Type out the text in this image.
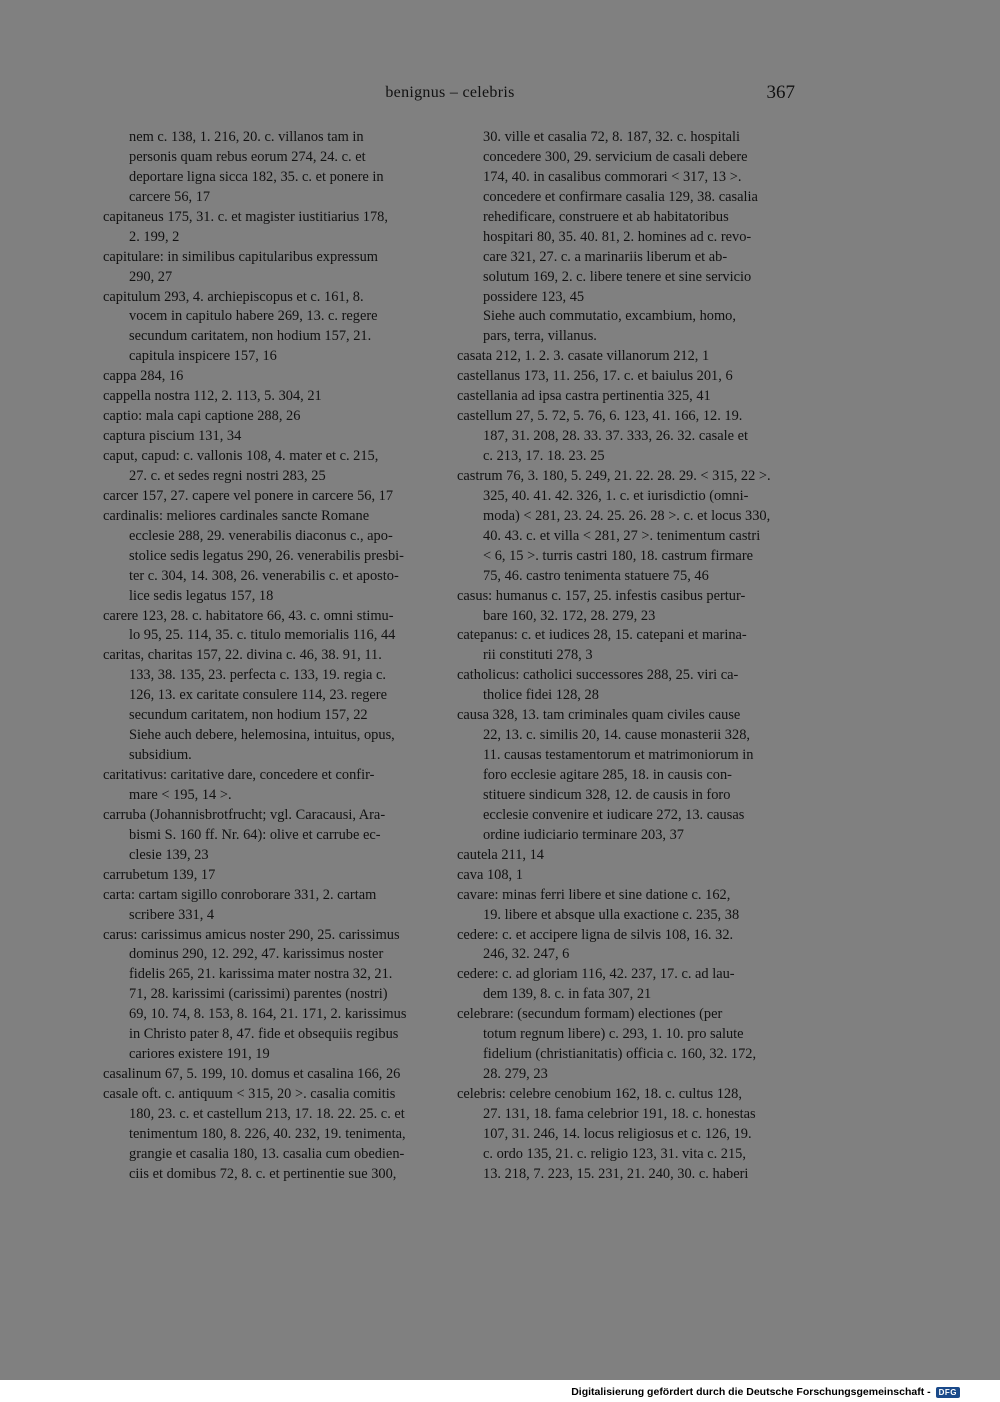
benignus – celebris	367
nem c. 138, 1. 216, 20. c. villanos tam in
personis quam rebus eorum 274, 24. c. et
deportare ligna sicca 182, 35. c. et ponere in
carcere 56, 17
capitaneus 175, 31. c. et magister iustitiarius 178,
2. 199, 2
capitulare: in similibus capitularibus expressum
290, 27
capitulum 293, 4. archiepiscopus et c. 161, 8.
vocem in capitulo habere 269, 13. c. regere
secundum caritatem, non hodium 157, 21.
capitula inspicere 157, 16
cappa 284, 16
cappella nostra 112, 2. 113, 5. 304, 21
captio: mala capi captione 288, 26
captura piscium 131, 34
caput, capud: c. vallonis 108, 4. mater et c. 215,
27. c. et sedes regni nostri 283, 25
carcer 157, 27. capere vel ponere in carcere 56, 17
cardinalis: meliores cardinales sancte Romane
ecclesie 288, 29. venerabilis diaconus c., apo-
stolice sedis legatus 290, 26. venerabilis presbi-
ter c. 304, 14. 308, 26. venerabilis c. et aposto-
lice sedis legatus 157, 18
carere 123, 28. c. habitatore 66, 43. c. omni stimu-
lo 95, 25. 114, 35. c. titulo memorialis 116, 44
caritas, charitas 157, 22. divina c. 46, 38. 91, 11.
133, 38. 135, 23. perfecta c. 133, 19. regia c.
126, 13. ex caritate consulere 114, 23. regere
secundum caritatem, non hodium 157, 22
Siehe auch debere, helemosina, intuitus, opus,
subsidium.
caritativus: caritative dare, concedere et confir-
mare < 195, 14 >.
carruba (Johannisbrotfrucht; vgl. Caracausi, Ara-
bismi S. 160 ff. Nr. 64): olive et carrube ec-
clesie 139, 23
carrubetum 139, 17
carta: cartam sigillo conroborare 331, 2. cartam
scribere 331, 4
carus: carissimus amicus noster 290, 25. carissimus
dominus 290, 12. 292, 47. karissimus noster
fidelis 265, 21. karissima mater nostra 32, 21.
71, 28. karissimi (carissimi) parentes (nostri)
69, 10. 74, 8. 153, 8. 164, 21. 171, 2. karissimus
in Christo pater 8, 47. fide et obsequiis regibus
cariores existere 191, 19
casalinum 67, 5. 199, 10. domus et casalina 166, 26
casale oft. c. antiquum < 315, 20 >. casalia comitis
180, 23. c. et castellum 213, 17. 18. 22. 25. c. et
tenimentum 180, 8. 226, 40. 232, 19. tenimenta,
grangie et casalia 180, 13. casalia cum obedien-
ciis et domibus 72, 8. c. et pertinentie sue 300,
30. ville et casalia 72, 8. 187, 32. c. hospitali
concedere 300, 29. servicium de casali debere
174, 40. in casalibus commorari < 317, 13 >.
concedere et confirmare casalia 129, 38. casalia
rehedificare, construere et ab habitatoribus
hospitari 80, 35. 40. 81, 2. homines ad c. revo-
care 321, 27. c. a marinariis liberum et ab-
solutum 169, 2. c. libere tenere et sine servicio
possidere 123, 45
Siehe auch commutatio, excambium, homo,
pars, terra, villanus.
casata 212, 1. 2. 3. casate villanorum 212, 1
castellanus 173, 11. 256, 17. c. et baiulus 201, 6
castellania ad ipsa castra pertinentia 325, 41
castellum 27, 5. 72, 5. 76, 6. 123, 41. 166, 12. 19.
187, 31. 208, 28. 33. 37. 333, 26. 32. casale et
c. 213, 17. 18. 23. 25
castrum 76, 3. 180, 5. 249, 21. 22. 28. 29. < 315, 22 >.
325, 40. 41. 42. 326, 1. c. et iurisdictio (omni-
moda) < 281, 23. 24. 25. 26. 28 >. c. et locus 330,
40. 43. c. et villa < 281, 27 >. tenimentum castri
< 6, 15 >. turris castri 180, 18. castrum firmare
75, 46. castro tenimenta statuere 75, 46
casus: humanus c. 157, 25. infestis casibus pertur-
bare 160, 32. 172, 28. 279, 23
catepanus: c. et iudices 28, 15. catepani et marina-
rii constituti 278, 3
catholicus: catholici successores 288, 25. viri ca-
tholice fidei 128, 28
causa 328, 13. tam criminales quam civiles cause
22, 13. c. similis 20, 14. cause monasterii 328,
11. causas testamentorum et matrimoniorum in
foro ecclesie agitare 285, 18. in causis con-
stituere sindicum 328, 12. de causis in foro
ecclesie convenire et iudicare 272, 13. causas
ordine iudiciario terminare 203, 37
cautela 211, 14
cava 108, 1
cavare: minas ferri libere et sine datione c. 162,
19. libere et absque ulla exactione c. 235, 38
cedere: c. et accipere ligna de silvis 108, 16. 32.
246, 32. 247, 6
cedere: c. ad gloriam 116, 42. 237, 17. c. ad lau-
dem 139, 8. c. in fata 307, 21
celebrare: (secundum formam) electiones (per
totum regnum libere) c. 293, 1. 10. pro salute
fidelium (christianitatis) officia c. 160, 32. 172,
28. 279, 23
celebris: celebre cenobium 162, 18. c. cultus 128,
27. 131, 18. fama celebrior 191, 18. c. honestas
107, 31. 246, 14. locus religiosus et c. 126, 19.
c. ordo 135, 21. c. religio 123, 31. vita c. 215,
13. 218, 7. 223, 15. 231, 21. 240, 30. c. haberi
Digitalisierung gefördert durch die Deutsche Forschungsgemeinschaft -	DFG
